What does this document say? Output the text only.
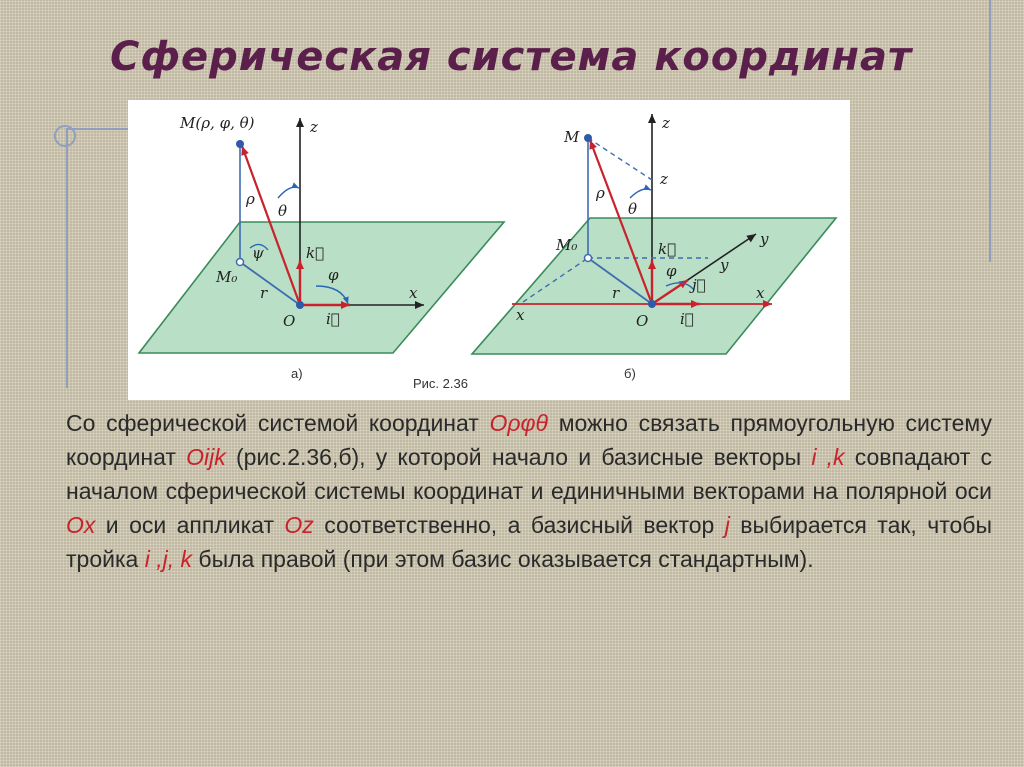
Сферическая система координат
M(ρ, φ, θ)	z
x
ρ
θ
ψ
φ
r
M₀
O
k⃗
i⃗
а)
M
z
z
x
x
y
y
ρ
θ
φ
r
M₀
O
k⃗
i⃗
j⃗
б)
Рис. 2.36

Со сферической системой координат Oρφθ можно связать прямоугольную систему координат Oijk (рис.2.36,б), у которой начало и базисные векторы i ,k совпадают с началом сферической системы координат и единичными векторами на полярной оси Ox и оси аппликат Oz соответственно, а базисный вектор j выбирается так, чтобы тройка i ,j, k была правой (при этом базис оказывается стандартным).
